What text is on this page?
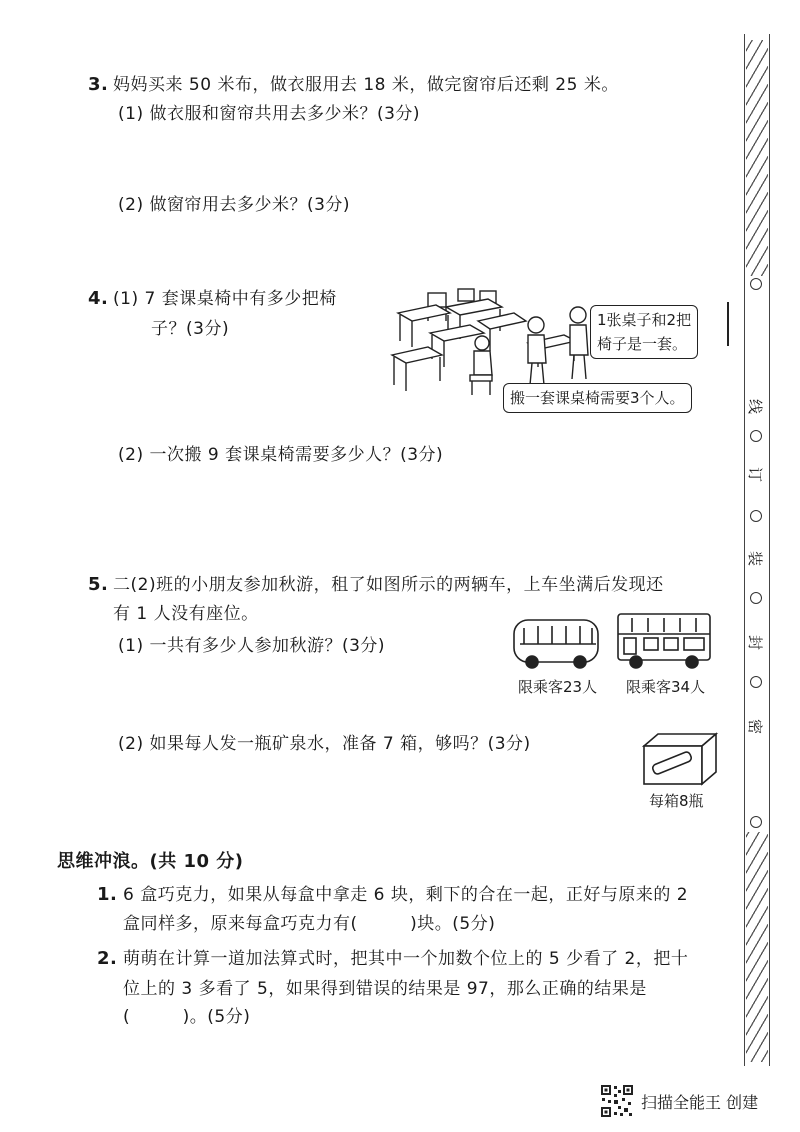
3. 妈妈买来 50 米布，做衣服用去 18 米，做完窗帘后还剩 25 米。
(1) 做衣服和窗帘共用去多少米？(3分)
(2) 做窗帘用去多少米？(3分)
4. (1) 7 套课桌椅中有多少把椅
子？(3分)	1张桌子和2把
椅子是一套。
搬一套课桌椅需要3个人。
(2) 一次搬 9 套课桌椅需要多少人？(3分)
5. 二(2)班的小朋友参加秋游，租了如图所示的两辆车，上车坐满后发现还
有 1 人没有座位。
(1) 一共有多少人参加秋游？(3分)
限乘客23人 限乘客34人
(2) 如果每人发一瓶矿泉水，准备 7 箱，够吗？(3分)
每箱8瓶
思维冲浪。(共 10 分)
1. 6 盒巧克力，如果从每盒中拿走 6 块，剩下的合在一起，正好与原来的 2
盒同样多，原来每盒巧克力有(　　　)块。(5分)
2. 萌萌在计算一道加法算式时，把其中一个加数个位上的 5 少看了 2，把十
位上的 3 多看了 5，如果得到错误的结果是 97，那么正确的结果是
(　　　)。(5分)
线
订
装
封
密
扫描全能王 创建
